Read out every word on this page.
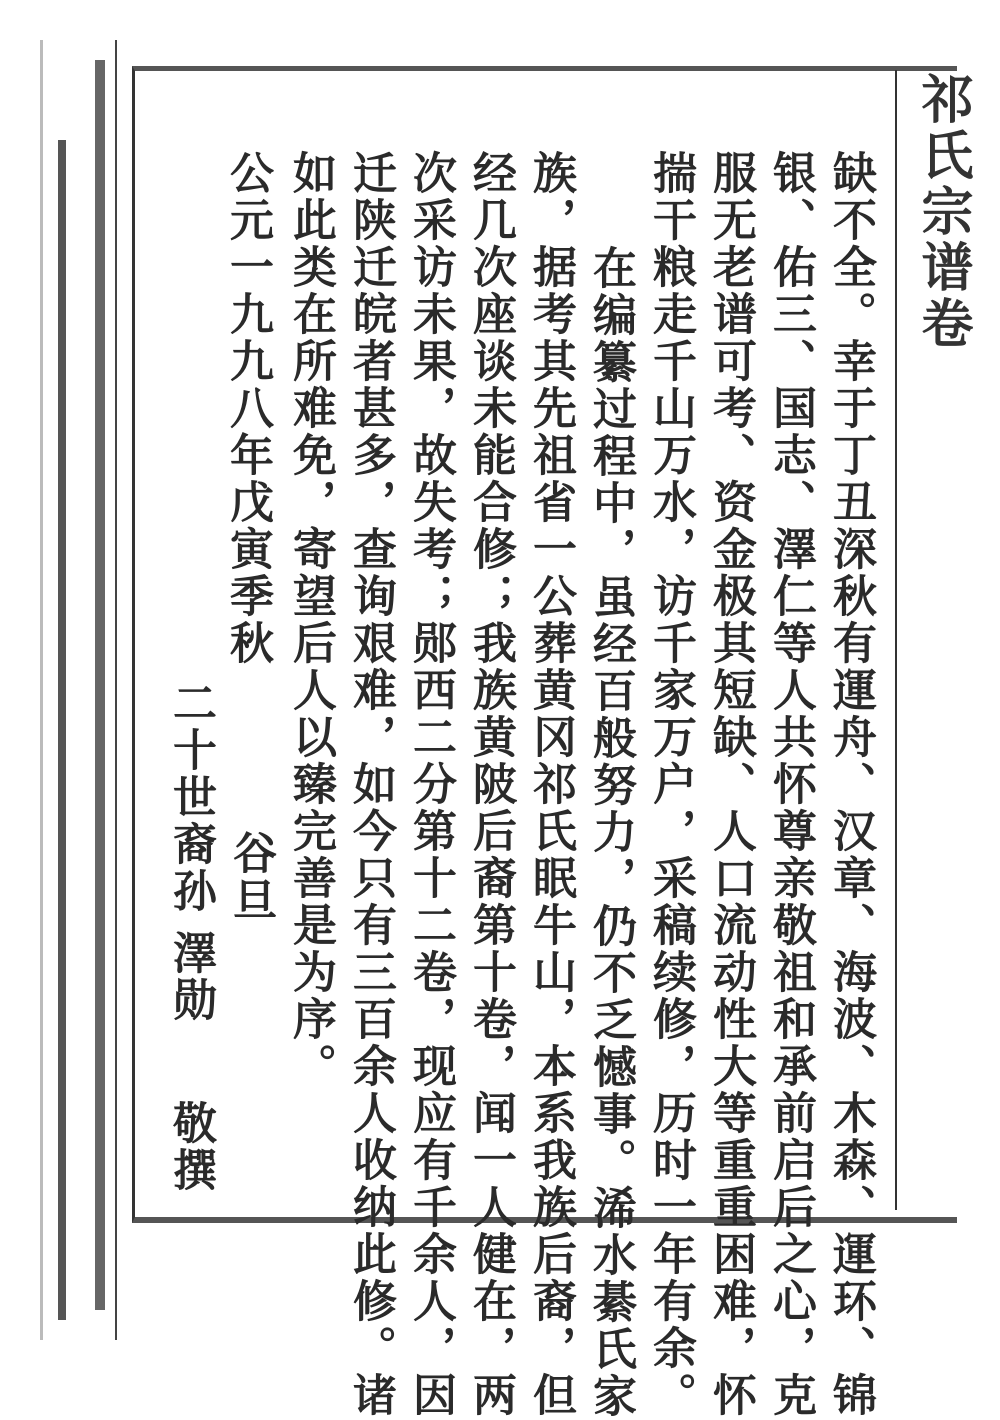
祁氏宗谱卷
缺不全。幸于丁丑深秋有運舟、汉章、海波、木森、運环、锦
银、佑三、国志、澤仁等人共怀尊亲敬祖和承前启后之心，克
服无老谱可考、资金极其短缺、人口流动性大等重重困难，怀
揣干粮走千山万水，访千家万户，采稿续修，历时一年有余。
在编纂过程中，虽经百般努力，仍不乏憾事。浠水綦氏家
族，据考其先祖省一公葬黄冈祁氏眠牛山，本系我族后裔，但
经几次座谈未能合修；我族黄陂后裔第十卷，闻一人健在，两
次采访未果，故失考；郧西二分第十二卷，现应有千余人，因
迁陕迁皖者甚多，查询艰难，如今只有三百余人收纳此修。诸
如此类在所难免，寄望后人以臻完善是为序。
公元一九九八年戊寅季秋
谷旦
二十世裔孙
澤勋
敬撰
